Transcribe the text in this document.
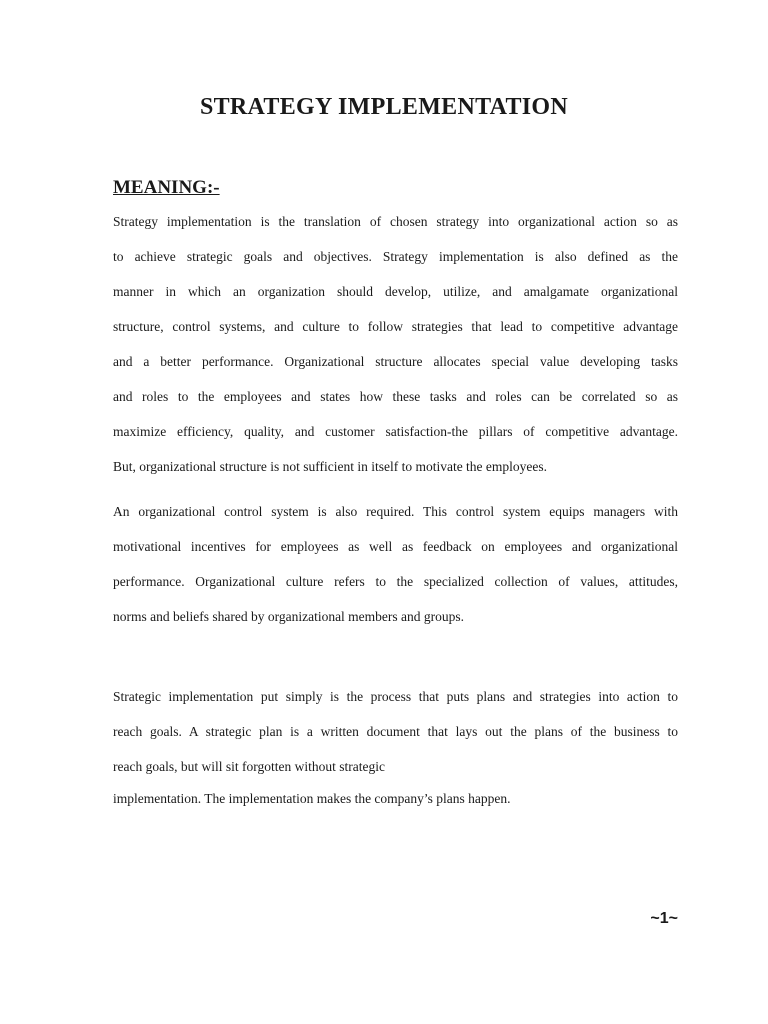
STRATEGY IMPLEMENTATION
MEANING:-

Strategy implementation is the translation of chosen strategy into organizational action so as
to achieve strategic goals and objectives. Strategy implementation is also defined as the
manner in which an organization should develop, utilize, and amalgamate organizational
structure, control systems, and culture to follow strategies that lead to competitive advantage
and a better performance. Organizational structure allocates special value developing tasks
and roles to the employees and states how these tasks and roles can be correlated so as
maximize efficiency, quality, and customer satisfaction-the pillars of competitive advantage.
But, organizational structure is not sufficient in itself to motivate the employees.

An organizational control system is also required. This control system equips managers with
motivational incentives for employees as well as feedback on employees and organizational
performance. Organizational culture refers to the specialized collection of values, attitudes,
norms and beliefs shared by organizational members and groups.

Strategic implementation put simply is the process that puts plans and strategies into action to
reach goals. A strategic plan is a written document that lays out the plans of the business to
reach goals, but will sit forgotten without strategic

implementation. The implementation makes the company’s plans happen.

~1~
